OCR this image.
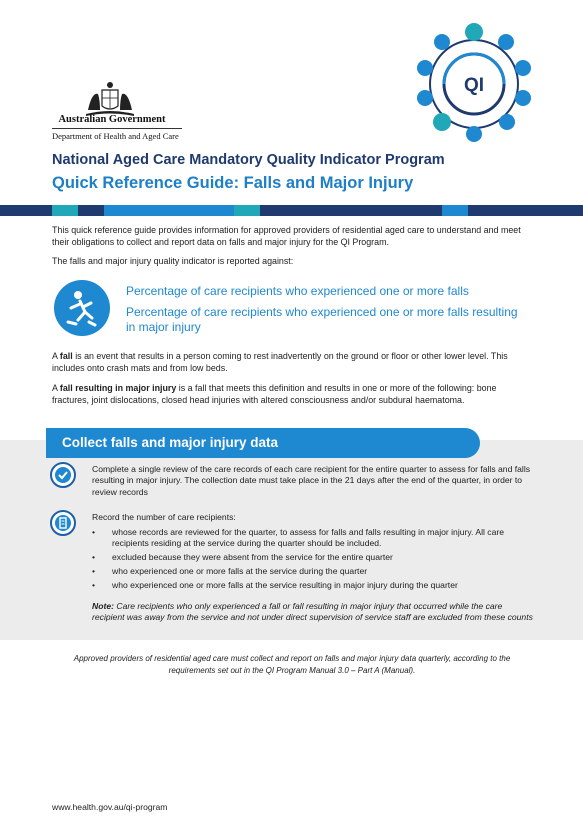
Australian Government
Department of Health and Aged Care
QI
National Aged Care Mandatory Quality Indicator Program
Quick Reference Guide: Falls and Major Injury

This quick reference guide provides information for approved providers of residential aged care to understand and meet their obligations to collect and report data on falls and major injury for the QI Program.

The falls and major injury quality indicator is reported against:

Percentage of care recipients who experienced one or more falls

Percentage of care recipients who experienced one or more falls resulting in major injury

A fall is an event that results in a person coming to rest inadvertently on the ground or floor or other lower level. This includes onto crash mats and from low beds.

A fall resulting in major injury is a fall that meets this definition and results in one or more of the following: bone fractures, joint dislocations, closed head injuries with altered consciousness and/or subdural haematoma.

Collect falls and major injury data

Complete a single review of the care records of each care recipient for the entire quarter to assess for falls and falls resulting in major injury. The collection date must take place in the 21 days after the end of the quarter, in order to review records

Record the number of care recipients:

• whose records are reviewed for the quarter, to assess for falls and falls resulting in major injury. All care recipients residing at the service during the quarter should be included.
• excluded because they were absent from the service for the entire quarter
• who experienced one or more falls at the service during the quarter
• who experienced one or more falls at the service resulting in major injury during the quarter

Note: Care recipients who only experienced a fall or fall resulting in major injury that occurred while the care recipient was away from the service and not under direct supervision of service staff are excluded from these counts

Approved providers of residential aged care must collect and report on falls and major injury data quarterly, according to the requirements set out in the QI Program Manual 3.0 – Part A (Manual).

www.health.gov.au/qi-program
